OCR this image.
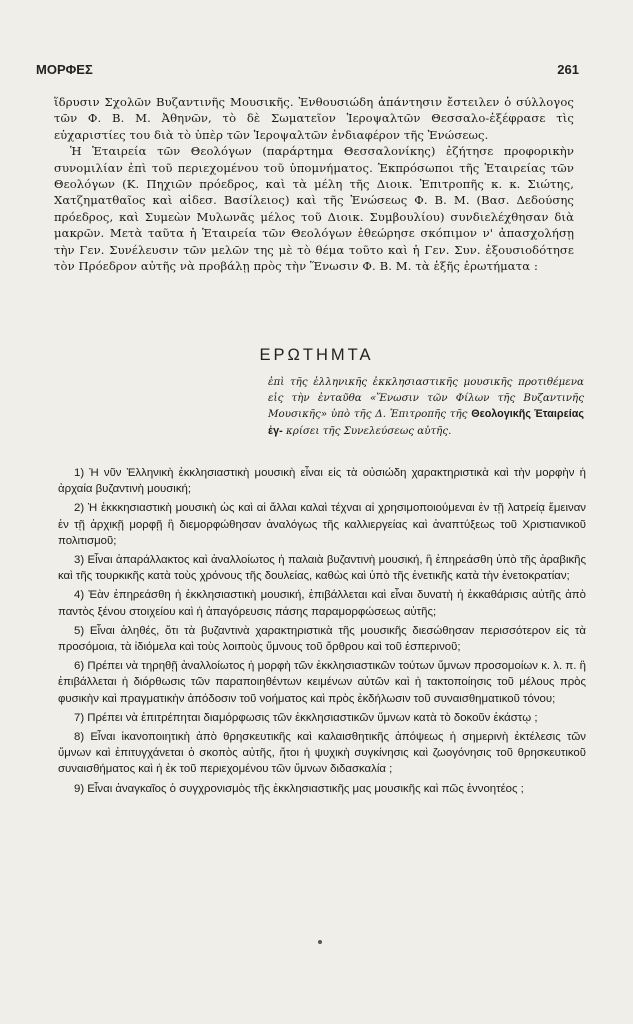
ΜΟΡΦΕΣ	261

ἵδρυσιν Σχολῶν Βυζαντινῆς Μουσικῆς. Ἐνθουσιώδη ἀπάντησιν ἔστειλεν ὁ σύλλογος τῶν Φ. Β. Μ. Ἀθηνῶν, τὸ δὲ Σωματεῖον Ἱεροψαλτῶν Θεσσαλο-ἐξέφρασε τὶς εὐχαριστίες του διὰ τὸ ὑπὲρ τῶν Ἱεροψαλτῶν ἐνδιαφέρον τῆς Ἑνώσεως.

Ἡ Ἑταιρεία τῶν Θεολόγων (παράρτημα Θεσσαλονίκης) ἐζήτησε προφορικὴν συνομιλίαν ἐπὶ τοῦ περιεχομένου τοῦ ὑπομνήματος. Ἐκπρόσωποι τῆς Ἑταιρείας τῶν Θεολόγων (Κ. Πηχιῶν πρόεδρος, καὶ τὰ μέλη τῆς Διοικ. Ἐπιτροπῆς κ. κ. Σιώτης, Χατζηματθαῖος καὶ αἰδεσ. Βασίλειος) καὶ τῆς Ἑνώσεως Φ. Β. Μ. (Βασ. Δεδούσης πρόεδρος, καὶ Συμεὼν Μυλωνᾶς μέλος τοῦ Διοικ. Συμβουλίου) συνδιελέχθησαν διὰ μακρῶν. Μετὰ ταῦτα ἡ Ἑταιρεία τῶν Θεολόγων ἐθεώρησε σκόπιμον ν' ἀπασχολήσῃ τὴν Γεν. Συνέλευσιν τῶν μελῶν της μὲ τὸ θέμα τοῦτο καὶ ἡ Γεν. Συν. ἐξουσιοδότησε τὸν Πρόεδρον αὐτῆς νὰ προβάλῃ πρὸς τὴν Ἕνωσιν Φ. Β. Μ. τὰ ἑξῆς ἐρωτήματα :

ΕΡΩΤΗΜΤΑ
ἐπὶ τῆς ἑλληνικῆς ἐκκλησιαστικῆς μουσικῆς προτιθέμενα εἰς τὴν ἐνταῦθα «Ἕνωσιν τῶν Φίλων τῆς Βυζαντινῆς Μουσικῆς» ὑπὸ τῆς Δ. Ἐπιτροπῆς τῆς Θεολογικῆς Ἑταιρείας ἐγ- κρίσει τῆς Συνελεύσεως αὐτῆς.

1) Ἡ νῦν Ἑλληνικὴ ἐκκλησιαστικὴ μουσικὴ εἶναι εἰς τὰ οὐσιώδη χαρακτηριστικὰ καὶ τὴν μορφὴν ἡ ἀρχαία βυζαντινὴ μουσική;

2) Ἡ ἐκκκησιαστικὴ μουσικὴ ὡς καὶ αἱ ἄλλαι καλαὶ τέχναι αἱ χρησιμοποιούμεναι ἐν τῇ λατρείᾳ ἔμειναν ἐν τῇ ἀρχικῇ μορφῇ ἢ διεμορφώθησαν ἀναλόγως τῆς καλλιεργείας καὶ ἀναπτύξεως τοῦ Χριστιανικοῦ πολιτισμοῦ;

3) Εἶναι ἀπαράλλακτος καὶ ἀναλλοίωτος ἡ παλαιὰ βυζαντινὴ μουσική, ἢ ἐπηρεάσθη ὑπὸ τῆς ἀραβικῆς καὶ τῆς τουρκικῆς κατὰ τοὺς χρόνους τῆς δουλείας, καθὼς καὶ ὑπὸ τῆς ἑνετικῆς κατὰ τὴν ἑνετοκρατίαν;

4) Ἐὰν ἐπηρεάσθη ἡ ἐκκλησιαστικὴ μουσική, ἐπιβάλλεται καὶ εἶναι δυνατὴ ἡ ἐκκαθάρισις αὐτῆς ἀπὸ παντὸς ξένου στοιχείου καὶ ἡ ἀπαγόρευσις πάσης παραμορφώσεως αὐτῆς;

5) Εἶναι ἀληθές, ὅτι τὰ βυζαντινὰ χαρακτηριστικὰ τῆς μουσικῆς διεσώθησαν περισσότερον εἰς τὰ προσόμοια, τὰ ἰδιόμελα καὶ τοὺς λοιποὺς ὕμνους τοῦ ὄρθρου καὶ τοῦ ἑσπερινοῦ;

6) Πρέπει νὰ τηρηθῇ ἀναλλοίωτος ἡ μορφὴ τῶν ἐκκλησιαστικῶν τούτων ὕμνων προσομοίων κ. λ. π. ἢ ἐπιβάλλεται ἡ διόρθωσις τῶν παραποιηθέντων κειμένων αὐτῶν καὶ ἡ τακτοποίησις τοῦ μέλους πρὸς φυσικὴν καὶ πραγματικὴν ἀπόδοσιν τοῦ νοήματος καὶ πρὸς ἐκδήλωσιν τοῦ συναισθηματικοῦ τόνου;

7) Πρέπει νὰ ἐπιτρέπηται διαμόρφωσις τῶν ἐκκλησιαστικῶν ὕμνων κατὰ τὸ δοκοῦν ἑκάστῳ ;

8) Εἶναι ἱκανοποιητικὴ ἀπὸ θρησκευτικῆς καὶ καλαισθητικῆς ἀπόψεως ἡ σημερινὴ ἐκτέλεσις τῶν ὕμνων καὶ ἐπιτυγχάνεται ὁ σκοπὸς αὐτῆς, ἤτοι ἡ ψυχικὴ συγκίνησις καὶ ζωογόνησις τοῦ θρησκευτικοῦ συναισθήματος καὶ ἡ ἐκ τοῦ περιεχομένου τῶν ὕμνων διδασκαλία ;

9) Εἶναι ἀναγκαῖος ὁ συγχρονισμὸς τῆς ἐκκλησιαστικῆς μας μουσικῆς καὶ πῶς ἐννοητέος ;
